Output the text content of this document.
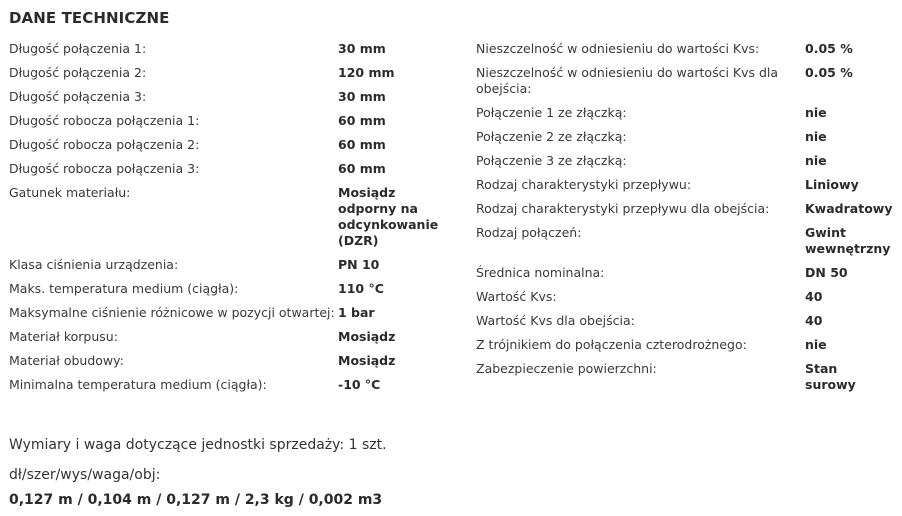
DANE TECHNICZNE
Długość połączenia 1:	30 mm
Długość połączenia 2:	120 mm
Długość połączenia 3:	30 mm
Długość robocza połączenia 1:	60 mm
Długość robocza połączenia 2:	60 mm
Długość robocza połączenia 3:	60 mm
Gatunek materiału:	Mosiądz odporny na odcynkowanie (DZR)
Klasa ciśnienia urządzenia:	PN 10
Maks. temperatura medium (ciągła):	110 °C
Maksymalne ciśnienie różnicowe w pozycji otwartej: 1 bar
Materiał korpusu:	Mosiądz
Materiał obudowy:	Mosiądz
Minimalna temperatura medium (ciągła):	-10 °C
Nieszczelność w odniesieniu do wartości Kvs:	0.05 %
Nieszczelność w odniesieniu do wartości Kvs dla obejścia:
0.05 %
Połączenie 1 ze złączką:	nie
Połączenie 2 ze złączką:	nie
Połączenie 3 ze złączką:	nie
Rodzaj charakterystyki przepływu:	Liniowy
Rodzaj charakterystyki przepływu dla obejścia:	Kwadratowy
Rodzaj połączeń:	Gwint wewnętrzny
Średnica nominalna:	DN 50
Wartość Kvs:	40
Wartość Kvs dla obejścia:	40
Z trójnikiem do połączenia czterodrożnego:	nie
Zabezpieczenie powierzchni:	Stan surowy
Wymiary i waga dotyczące jednostki sprzedaży: 1 szt.
dł/szer/wys/waga/obj:
0,127 m / 0,104 m / 0,127 m / 2,3 kg / 0,002 m3
